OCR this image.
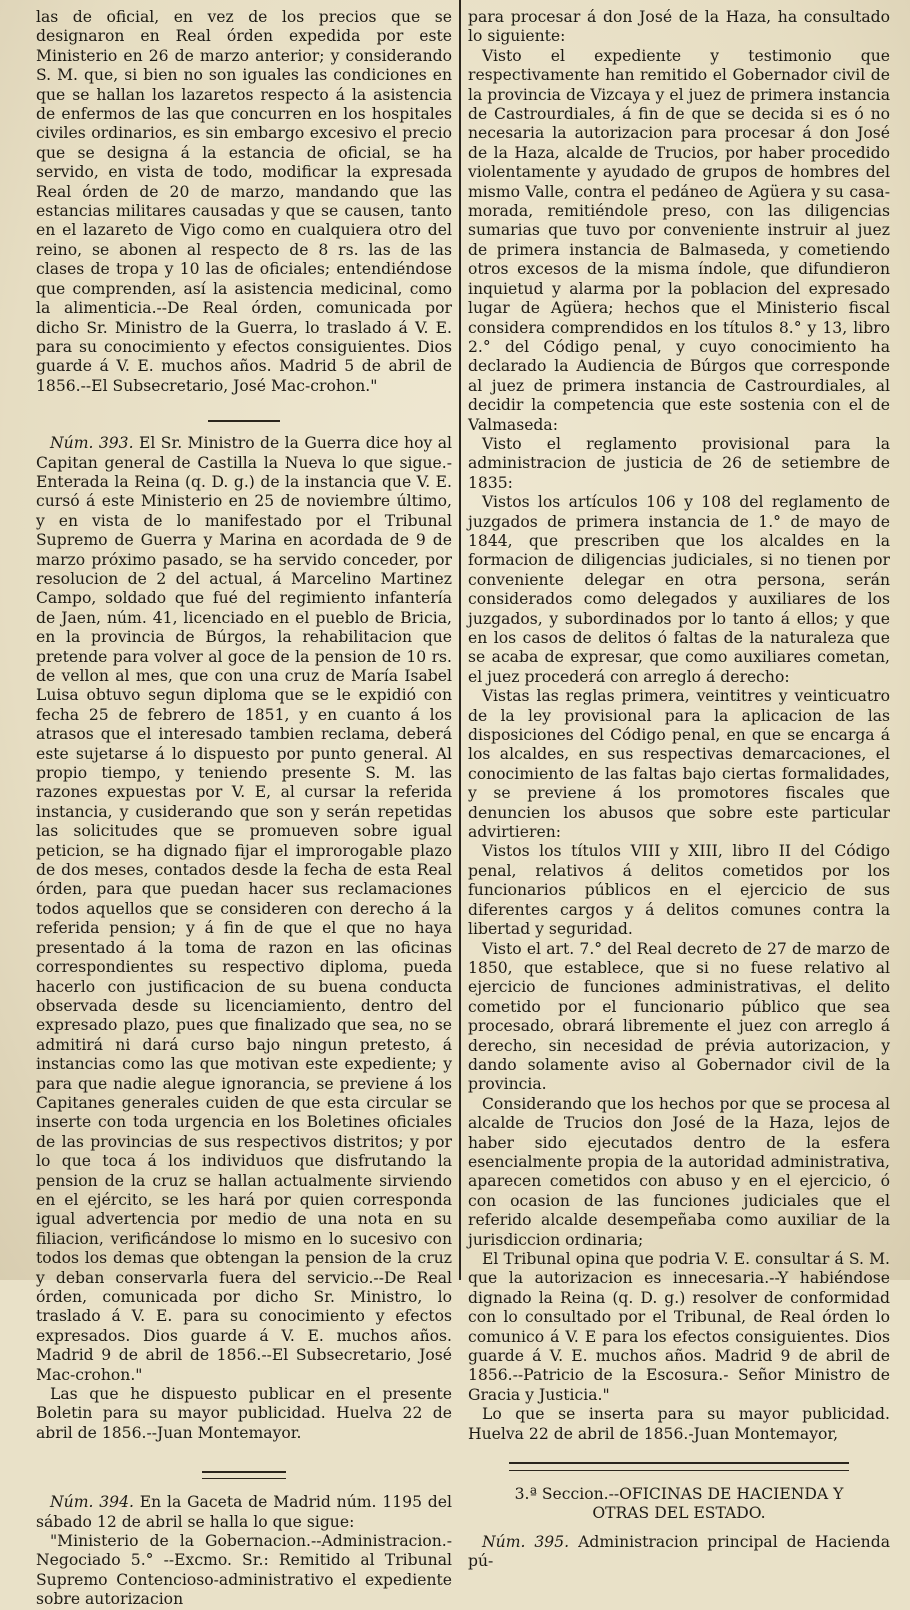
las de oficial, en vez de los precios que se designaron en Real órden expedida por este Ministerio en 26 de marzo anterior; y considerando S. M. que, si bien no son iguales las condiciones en que se hallan los lazaretos respecto á la asistencia de enfermos de las que concurren en los hospitales civiles ordinarios, es sin embargo excesivo el precio que se designa á la estancia de oficial, se ha servido, en vista de todo, modificar la expresada Real órden de 20 de marzo, mandando que las estancias militares causadas y que se causen, tanto en el lazareto de Vigo como en cualquiera otro del reino, se abonen al respecto de 8 rs. las de las clases de tropa y 10 las de oficiales; entendiéndose que comprenden, así la asistencia medicinal, como la alimenticia.--De Real órden, comunicada por dicho Sr. Ministro de la Guerra, lo traslado á V. E. para su conocimiento y efectos consiguientes. Dios guarde á V. E. muchos años. Madrid 5 de abril de 1856.--El Subsecretario, José Mac-crohon."

Núm. 393. El Sr. Ministro de la Guerra dice hoy al Capitan general de Castilla la Nueva lo que sigue.-Enterada la Reina (q. D. g.) de la instancia que V. E. cursó á este Ministerio en 25 de noviembre último, y en vista de lo manifestado por el Tribunal Supremo de Guerra y Marina en acordada de 9 de marzo próximo pasado, se ha servido conceder, por resolucion de 2 del actual, á Marcelino Martinez Campo, soldado que fué del regimiento infantería de Jaen, núm. 41, licenciado en el pueblo de Bricia, en la provincia de Búrgos, la rehabilitacion que pretende para volver al goce de la pension de 10 rs. de vellon al mes, que con una cruz de María Isabel Luisa obtuvo segun diploma que se le expidió con fecha 25 de febrero de 1851, y en cuanto á los atrasos que el interesado tambien reclama, deberá este sujetarse á lo dispuesto por punto general. Al propio tiempo, y teniendo presente S. M. las razones expuestas por V. E, al cursar la referida instancia, y cusiderando que son y serán repetidas las solicitudes que se promueven sobre igual peticion, se ha dignado fijar el improrogable plazo de dos meses, contados desde la fecha de esta Real órden, para que puedan hacer sus reclamaciones todos aquellos que se consideren con derecho á la referida pension; y á fin de que el que no haya presentado á la toma de razon en las oficinas correspondientes su respectivo diploma, pueda hacerlo con justificacion de su buena conducta observada desde su licenciamiento, dentro del expresado plazo, pues que finalizado que sea, no se admitirá ni dará curso bajo ningun pretesto, á instancias como las que motivan este expediente; y para que nadie alegue ignorancia, se previene á los Capitanes generales cuiden de que esta circular se inserte con toda urgencia en los Boletines oficiales de las provincias de sus respectivos distritos; y por lo que toca á los individuos que disfrutando la pension de la cruz se hallan actualmente sirviendo en el ejército, se les hará por quien corresponda igual advertencia por medio de una nota en su filiacion, verificándose lo mismo en lo sucesivo con todos los demas que obtengan la pension de la cruz y deban conservarla fuera del servicio.--De Real órden, comunicada por dicho Sr. Ministro, lo traslado á V. E. para su conocimiento y efectos expresados. Dios guarde á V. E. muchos años. Madrid 9 de abril de 1856.--El Subsecretario, José Mac-crohon."

Las que he dispuesto publicar en el presente Boletin para su mayor publicidad. Huelva 22 de abril de 1856.--Juan Montemayor.

Núm. 394. En la Gaceta de Madrid núm. 1195 del sábado 12 de abril se halla lo que sigue:

"Ministerio de la Gobernacion.--Administracion.-Negociado 5.° --Excmo. Sr.: Remitido al Tribunal Supremo Contencioso-administrativo el expediente sobre autorizacion

para procesar á don José de la Haza, ha consultado lo siguiente:

Visto el expediente y testimonio que respectivamente han remitido el Gobernador civil de la provincia de Vizcaya y el juez de primera instancia de Castrourdiales, á fin de que se decida si es ó no necesaria la autorizacion para procesar á don José de la Haza, alcalde de Trucios, por haber procedido violentamente y ayudado de grupos de hombres del mismo Valle, contra el pedáneo de Agüera y su casa-morada, remitiéndole preso, con las diligencias sumarias que tuvo por conveniente instruir al juez de primera instancia de Balmaseda, y cometiendo otros excesos de la misma índole, que difundieron inquietud y alarma por la poblacion del expresado lugar de Agüera; hechos que el Ministerio fiscal considera comprendidos en los títulos 8.° y 13, libro 2.° del Código penal, y cuyo conocimiento ha declarado la Audiencia de Búrgos que corresponde al juez de primera instancia de Castrourdiales, al decidir la competencia que este sostenia con el de Valmaseda:

Visto el reglamento provisional para la administracion de justicia de 26 de setiembre de 1835:

Vistos los artículos 106 y 108 del reglamento de juzgados de primera instancia de 1.° de mayo de 1844, que prescriben que los alcaldes en la formacion de diligencias judiciales, si no tienen por conveniente delegar en otra persona, serán considerados como delegados y auxiliares de los juzgados, y subordinados por lo tanto á ellos; y que en los casos de delitos ó faltas de la naturaleza que se acaba de expresar, que como auxiliares cometan, el juez procederá con arreglo á derecho:

Vistas las reglas primera, veintitres y veinticuatro de la ley provisional para la aplicacion de las disposiciones del Código penal, en que se encarga á los alcaldes, en sus respectivas demarcaciones, el conocimiento de las faltas bajo ciertas formalidades, y se previene á los promotores fiscales que denuncien los abusos que sobre este particular advirtieren:

Vistos los títulos VIII y XIII, libro II del Código penal, relativos á delitos cometidos por los funcionarios públicos en el ejercicio de sus diferentes cargos y á delitos comunes contra la libertad y seguridad.

Visto el art. 7.° del Real decreto de 27 de marzo de 1850, que establece, que si no fuese relativo al ejercicio de funciones administrativas, el delito cometido por el funcionario público que sea procesado, obrará libremente el juez con arreglo á derecho, sin necesidad de prévia autorizacion, y dando solamente aviso al Gobernador civil de la provincia.

Considerando que los hechos por que se procesa al alcalde de Trucios don José de la Haza, lejos de haber sido ejecutados dentro de la esfera esencialmente propia de la autoridad administrativa, aparecen cometidos con abuso y en el ejercicio, ó con ocasion de las funciones judiciales que el referido alcalde desempeñaba como auxiliar de la jurisdiccion ordinaria;

El Tribunal opina que podria V. E. consultar á S. M. que la autorizacion es innecesaria.--Y habiéndose dignado la Reina (q. D. g.) resolver de conformidad con lo consultado por el Tribunal, de Real órden lo comunico á V. E para los efectos consiguientes. Dios guarde á V. E. muchos años. Madrid 9 de abril de 1856.--Patricio de la Escosura.- Señor Ministro de Gracia y Justicia."

Lo que se inserta para su mayor publicidad. Huelva 22 de abril de 1856.-Juan Montemayor,

3.ª Seccion.--OFICINAS DE HACIENDA Y
OTRAS DEL ESTADO.

Núm. 395. Administracion principal de Hacienda pú-
